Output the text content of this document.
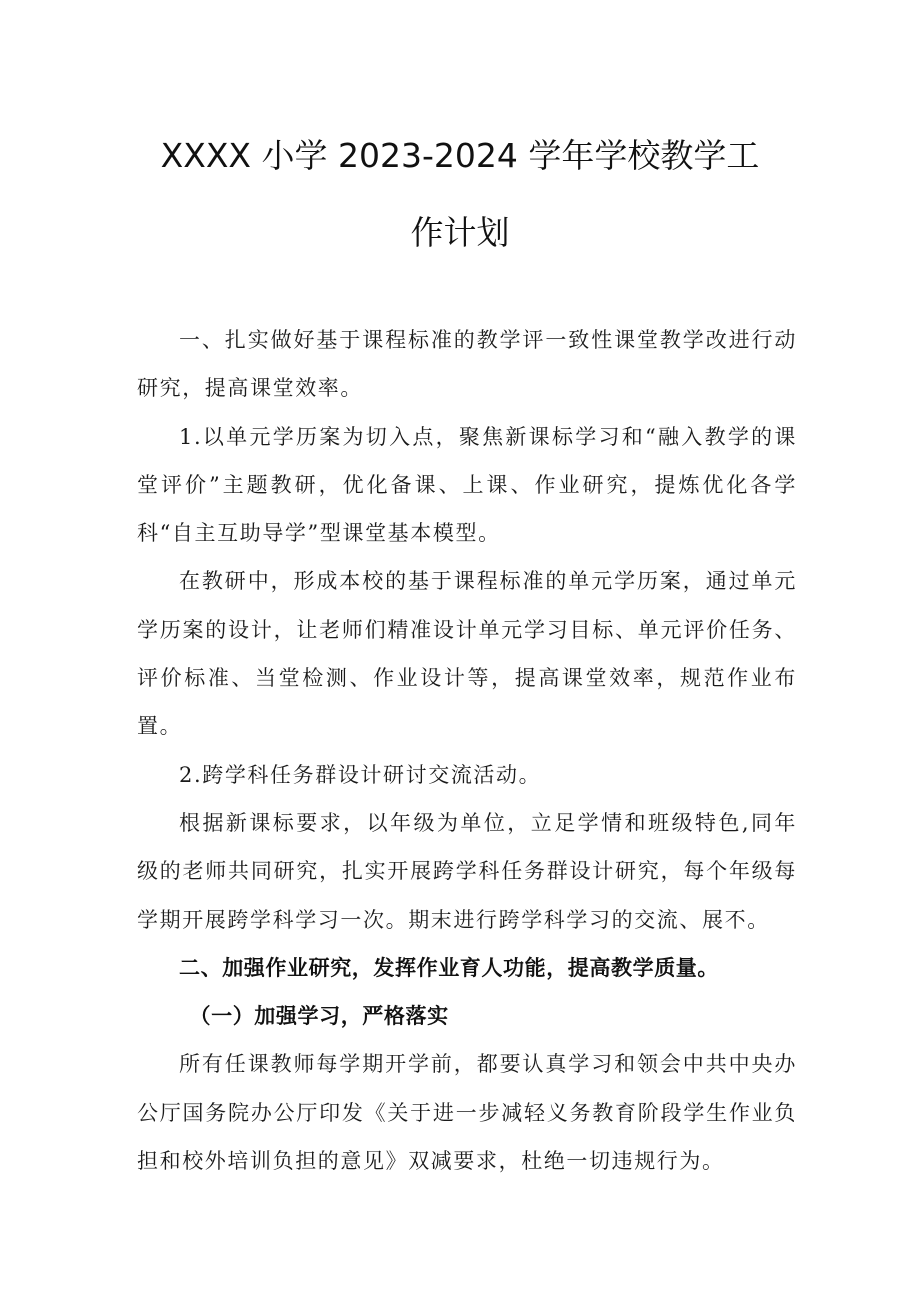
XXXX 小学 2023-2024 学年学校教学工
作计划

一、扎实做好基于课程标准的教学评一致性课堂教学改进行动研究，提高课堂效率。

1.以单元学历案为切入点，聚焦新课标学习和“融入教学的课堂评价”主题教研，优化备课、上课、作业研究，提炼优化各学科“自主互助导学”型课堂基本模型。

在教研中，形成本校的基于课程标准的单元学历案，通过单元学历案的设计，让老师们精准设计单元学习目标、单元评价任务、评价标准、当堂检测、作业设计等，提高课堂效率，规范作业布置。

2.跨学科任务群设计研讨交流活动。

根据新课标要求，以年级为单位，立足学情和班级特色,同年级的老师共同研究，扎实开展跨学科任务群设计研究，每个年级每学期开展跨学科学习一次。期末进行跨学科学习的交流、展不。

二、加强作业研究，发挥作业育人功能，提高教学质量。

（一）加强学习，严格落实

所有任课教师每学期开学前，都要认真学习和领会中共中央办公厅国务院办公厅印发《关于进一步减轻义务教育阶段学生作业负担和校外培训负担的意见》双减要求，杜绝一切违规行为。
